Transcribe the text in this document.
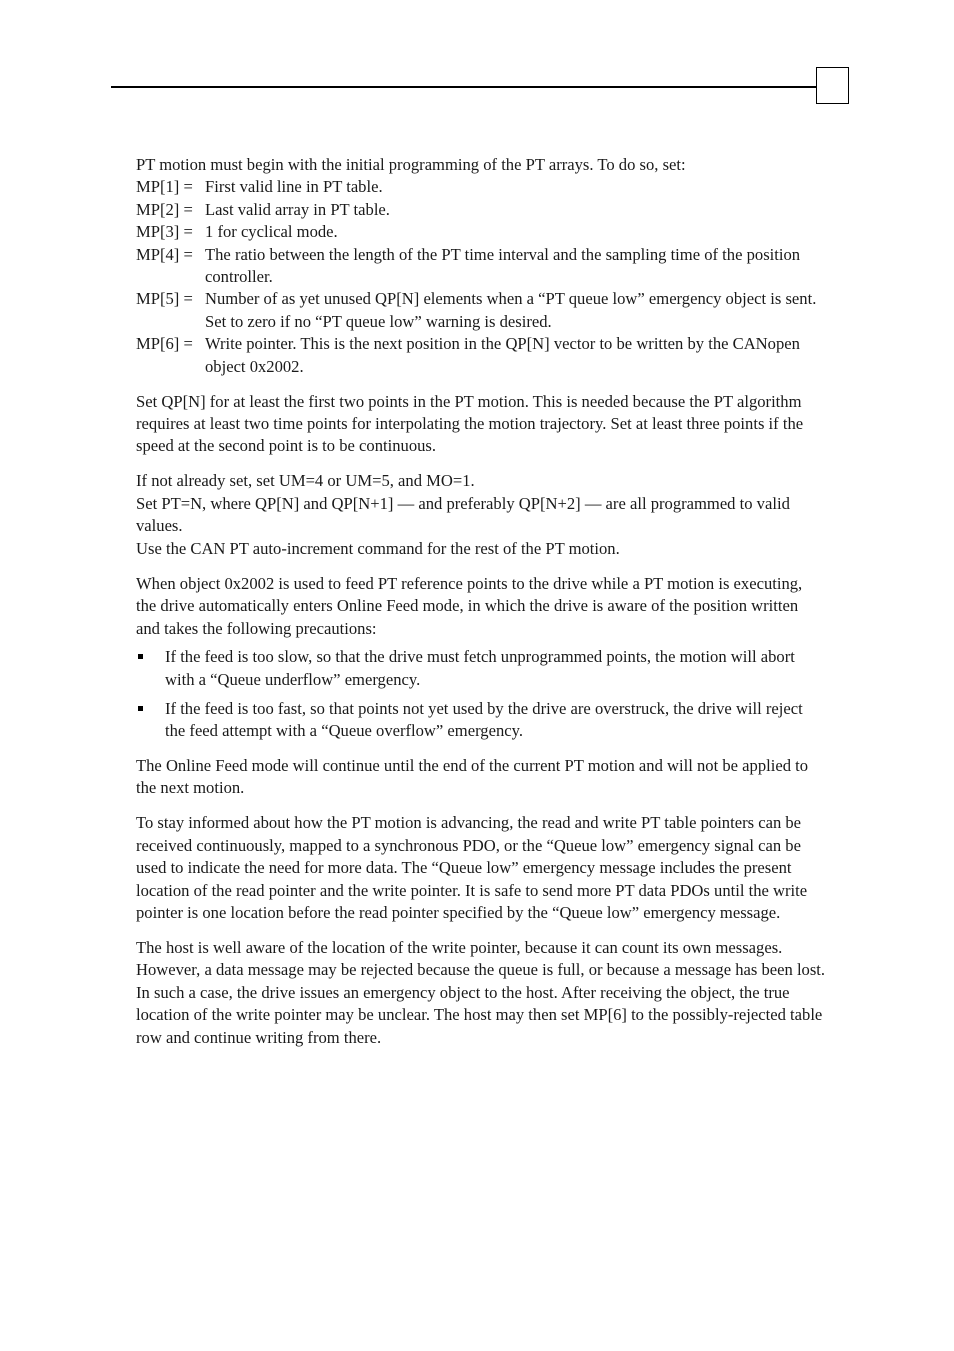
PT motion must begin with the initial programming of the PT arrays. To do so, set:

MP[1] = First valid line in PT table.
MP[2] = Last valid array in PT table.
MP[3] = 1 for cyclical mode.
MP[4] = The ratio between the length of the PT time interval and the sampling time of the position controller.
MP[5] = Number of as yet unused QP[N] elements when a “PT queue low” emergency object is sent. Set to zero if no “PT queue low” warning is desired.
MP[6] = Write pointer. This is the next position in the QP[N] vector to be written by the CANopen object 0x2002.

Set QP[N] for at least the first two points in the PT motion. This is needed because the PT algorithm requires at least two time points for interpolating the motion trajectory. Set at least three points if the speed at the second point is to be continuous.

If not already set, set UM=4 or UM=5, and MO=1.

Set PT=N, where QP[N] and QP[N+1] — and preferably QP[N+2] — are all programmed to valid values.

Use the CAN PT auto-increment command for the rest of the PT motion.

When object 0x2002 is used to feed PT reference points to the drive while a PT motion is executing, the drive automatically enters Online Feed mode, in which the drive is aware of the position written and takes the following precautions:

If the feed is too slow, so that the drive must fetch unprogrammed points, the motion will abort with a “Queue underflow” emergency.
If the feed is too fast, so that points not yet used by the drive are overstruck, the drive will reject the feed attempt with a “Queue overflow” emergency.

The Online Feed mode will continue until the end of the current PT motion and will not be applied to the next motion.

To stay informed about how the PT motion is advancing, the read and write PT table pointers can be received continuously, mapped to a synchronous PDO, or the “Queue low” emergency signal can be used to indicate the need for more data. The “Queue low” emergency message includes the present location of the read pointer and the write pointer. It is safe to send more PT data PDOs until the write pointer is one location before the read pointer specified by the “Queue low” emergency message.

The host is well aware of the location of the write pointer, because it can count its own messages. However, a data message may be rejected because the queue is full, or because a message has been lost. In such a case, the drive issues an emergency object to the host. After receiving the object, the true location of the write pointer may be unclear. The host may then set MP[6] to the possibly-rejected table row and continue writing from there.
